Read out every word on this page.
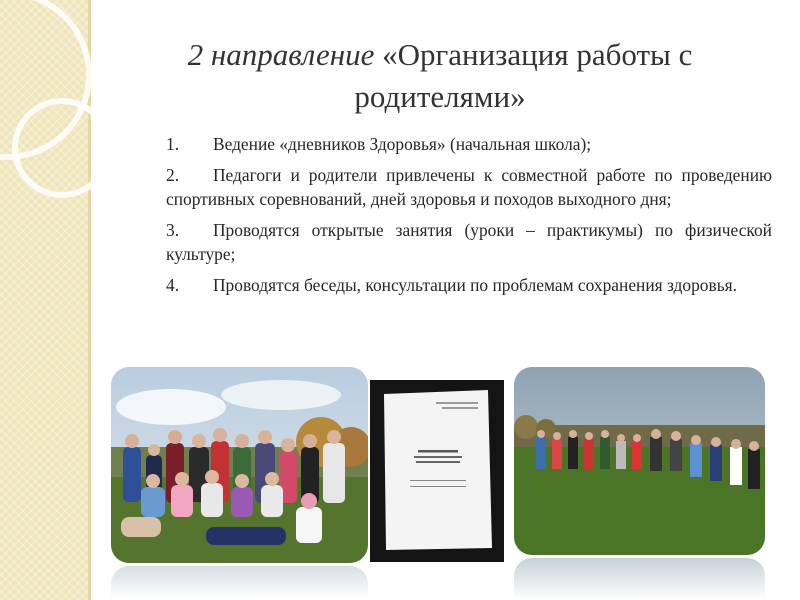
2 направление «Организация работы с родителями»
1. Ведение «дневников Здоровья» (начальная школа);
2. Педагоги и родители привлечены к совместной работе по проведению спортивных соревнований, дней здоровья и походов выходного дня;
3. Проводятся открытые занятия (уроки – практикумы) по физической культуре;
4. Проводятся беседы, консультации по проблемам сохранения здоровья.
